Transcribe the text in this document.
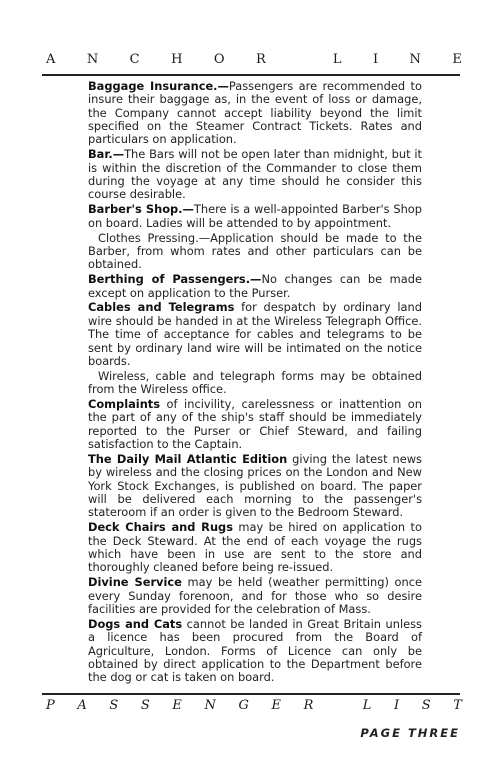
A N C H O R
	L I N E

Baggage Insurance.—Passengers are recommended to insure their baggage as, in the event of loss or damage, the Company cannot accept liability beyond the limit specified on the Steamer Contract Tickets. Rates and particulars on application.

Bar.—The Bars will not be open later than midnight, but it is within the discretion of the Commander to close them during the voyage at any time should he consider this course desirable.

Barber's Shop.—There is a well-appointed Barber's Shop on board. Ladies will be attended to by appointment.

Clothes Pressing.—Application should be made to the Barber, from whom rates and other particulars can be obtained.

Berthing of Passengers.—No changes can be made except on application to the Purser.

Cables and Telegrams for despatch by ordinary land wire should be handed in at the Wireless Telegraph Office. The time of acceptance for cables and telegrams to be sent by ordinary land wire will be intimated on the notice boards.

Wireless, cable and telegraph forms may be obtained from the Wireless office.

Complaints of incivility, carelessness or inattention on the part of any of the ship's staff should be immediately reported to the Purser or Chief Steward, and failing satisfaction to the Captain.

The Daily Mail Atlantic Edition giving the latest news by wireless and the closing prices on the London and New York Stock Exchanges, is published on board. The paper will be delivered each morning to the passenger's stateroom if an order is given to the Bedroom Steward.

Deck Chairs and Rugs may be hired on application to the Deck Steward. At the end of each voyage the rugs which have been in use are sent to the store and thoroughly cleaned before being re-issued.

Divine Service may be held (weather permitting) once every Sunday forenoon, and for those who so desire facilities are provided for the celebration of Mass.

Dogs and Cats cannot be landed in Great Britain unless a licence has been procured from the Board of Agriculture, London. Forms of Licence can only be obtained by direct application to the Department before the dog or cat is taken on board.

P A S S E N G E R
	L I S T
PAGE THREE
